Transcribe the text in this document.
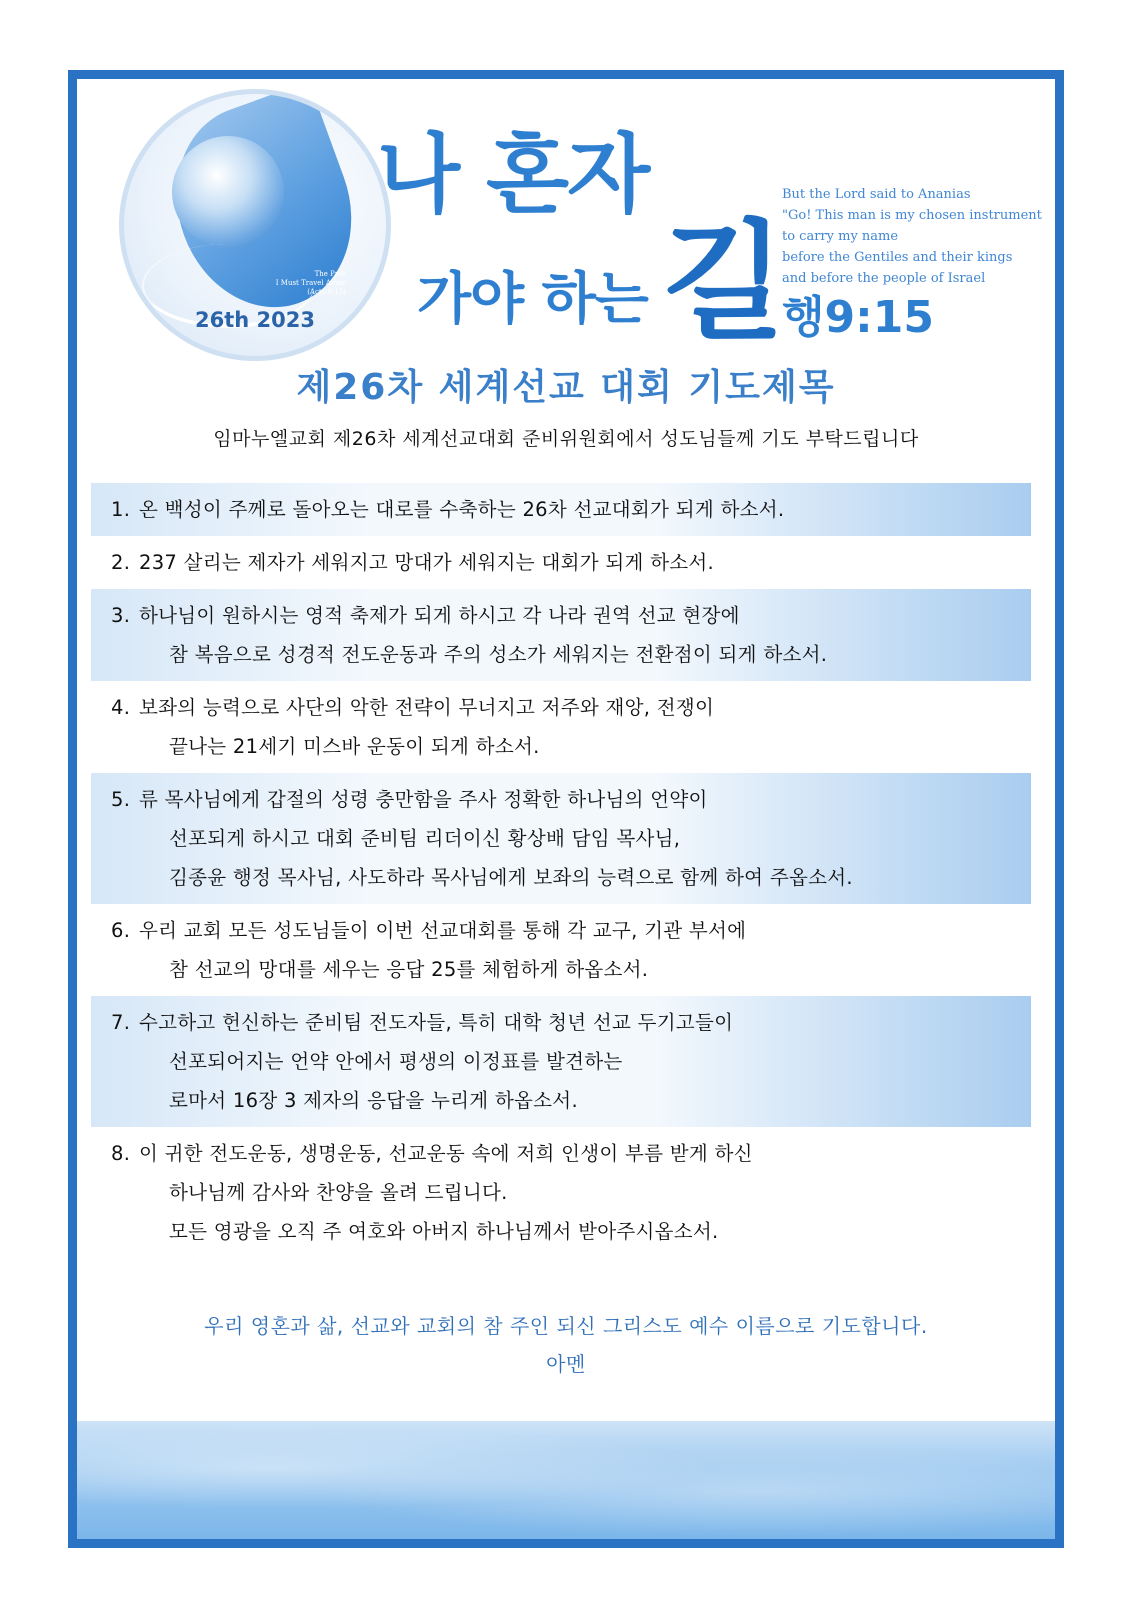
The Path
I Must Travel Alone
(Acts 9:15)
26th 2023
나 혼자
가야 하는 길
But the Lord said to Ananias
"Go! This man is my chosen instrument
to carry my name
before the Gentiles and their kings
and before the people of Israel
행9:15
제26차 세계선교 대회 기도제목
임마누엘교회 제26차 세계선교대회 준비위원회에서 성도님들께 기도 부탁드립니다
1. 온 백성이 주께로 돌아오는 대로를 수축하는 26차 선교대회가 되게 하소서.
2. 237 살리는 제자가 세워지고 망대가 세워지는 대회가 되게 하소서.
3. 하나님이 원하시는 영적 축제가 되게 하시고 각 나라 권역 선교 현장에
참 복음으로 성경적 전도운동과 주의 성소가 세워지는 전환점이 되게 하소서.
4. 보좌의 능력으로 사단의 악한 전략이 무너지고 저주와 재앙, 전쟁이
끝나는 21세기 미스바 운동이 되게 하소서.
5. 류 목사님에게 갑절의 성령 충만함을 주사 정확한 하나님의 언약이
선포되게 하시고 대회 준비팀 리더이신 황상배 담임 목사님,
김종윤 행정 목사님, 사도하라 목사님에게 보좌의 능력으로 함께 하여 주옵소서.
6. 우리 교회 모든 성도님들이 이번 선교대회를 통해 각 교구, 기관 부서에
참 선교의 망대를 세우는 응답 25를 체험하게 하옵소서.
7. 수고하고 헌신하는 준비팀 전도자들, 특히 대학 청년 선교 두기고들이
선포되어지는 언약 안에서 평생의 이정표를 발견하는
로마서 16장 3 제자의 응답을 누리게 하옵소서.
8. 이 귀한 전도운동, 생명운동, 선교운동 속에 저희 인생이 부름 받게 하신
하나님께 감사와 찬양을 올려 드립니다.
모든 영광을 오직 주 여호와 아버지 하나님께서 받아주시옵소서.
우리 영혼과 삶, 선교와 교회의 참 주인 되신 그리스도 예수 이름으로 기도합니다.
아멘
